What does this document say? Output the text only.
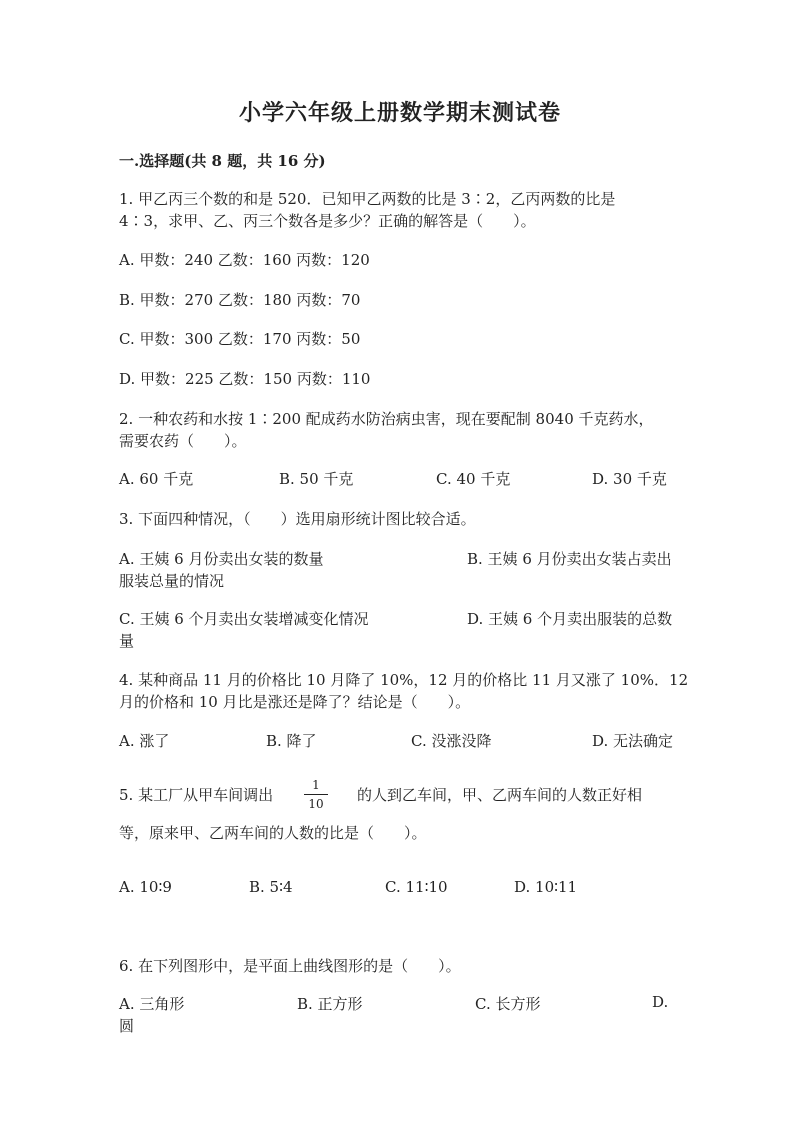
小学六年级上册数学期末测试卷
一.选择题(共 8 题，共 16 分)
1. 甲乙丙三个数的和是 520．已知甲乙两数的比是 3∶2，乙丙两数的比是
4∶3，求甲、乙、丙三个数各是多少？正确的解答是（　　）。
A. 甲数：240 乙数：160 丙数：120
B. 甲数：270 乙数：180 丙数：70
C. 甲数：300 乙数：170 丙数：50
D. 甲数：225 乙数：150 丙数：110
2. 一种农药和水按 1∶200 配成药水防治病虫害，现在要配制 8040 千克药水，
需要农药（　　）。
A. 60 千克	B. 50 千克	C. 40 千克	D. 30 千克
3. 下面四种情况，（　　）选用扇形统计图比较合适。
A. 王姨 6 月份卖出女装的数量	B. 王姨 6 月份卖出女装占卖出
服装总量的情况
C. 王姨 6 个月卖出女装增减变化情况	D. 王姨 6 个月卖出服装的总数
量
4. 某种商品 11 月的价格比 10 月降了 10%，12 月的价格比 11 月又涨了 10%．12
月的价格和 10 月比是涨还是降了？结论是（　　）。
A. 涨了	B. 降了	C. 没涨没降	D. 无法确定
5. 某工厂从甲车间调出
1
10 的人到乙车间，甲、乙两车间的人数正好相
等，原来甲、乙两车间的人数的比是（　　）。
A. 10∶9	B. 5∶4	C. 11∶10	D. 10∶11
6. 在下列图形中，是平面上曲线图形的是（　　）。
A. 三角形	B. 正方形	C. 长方形	D.
圆
